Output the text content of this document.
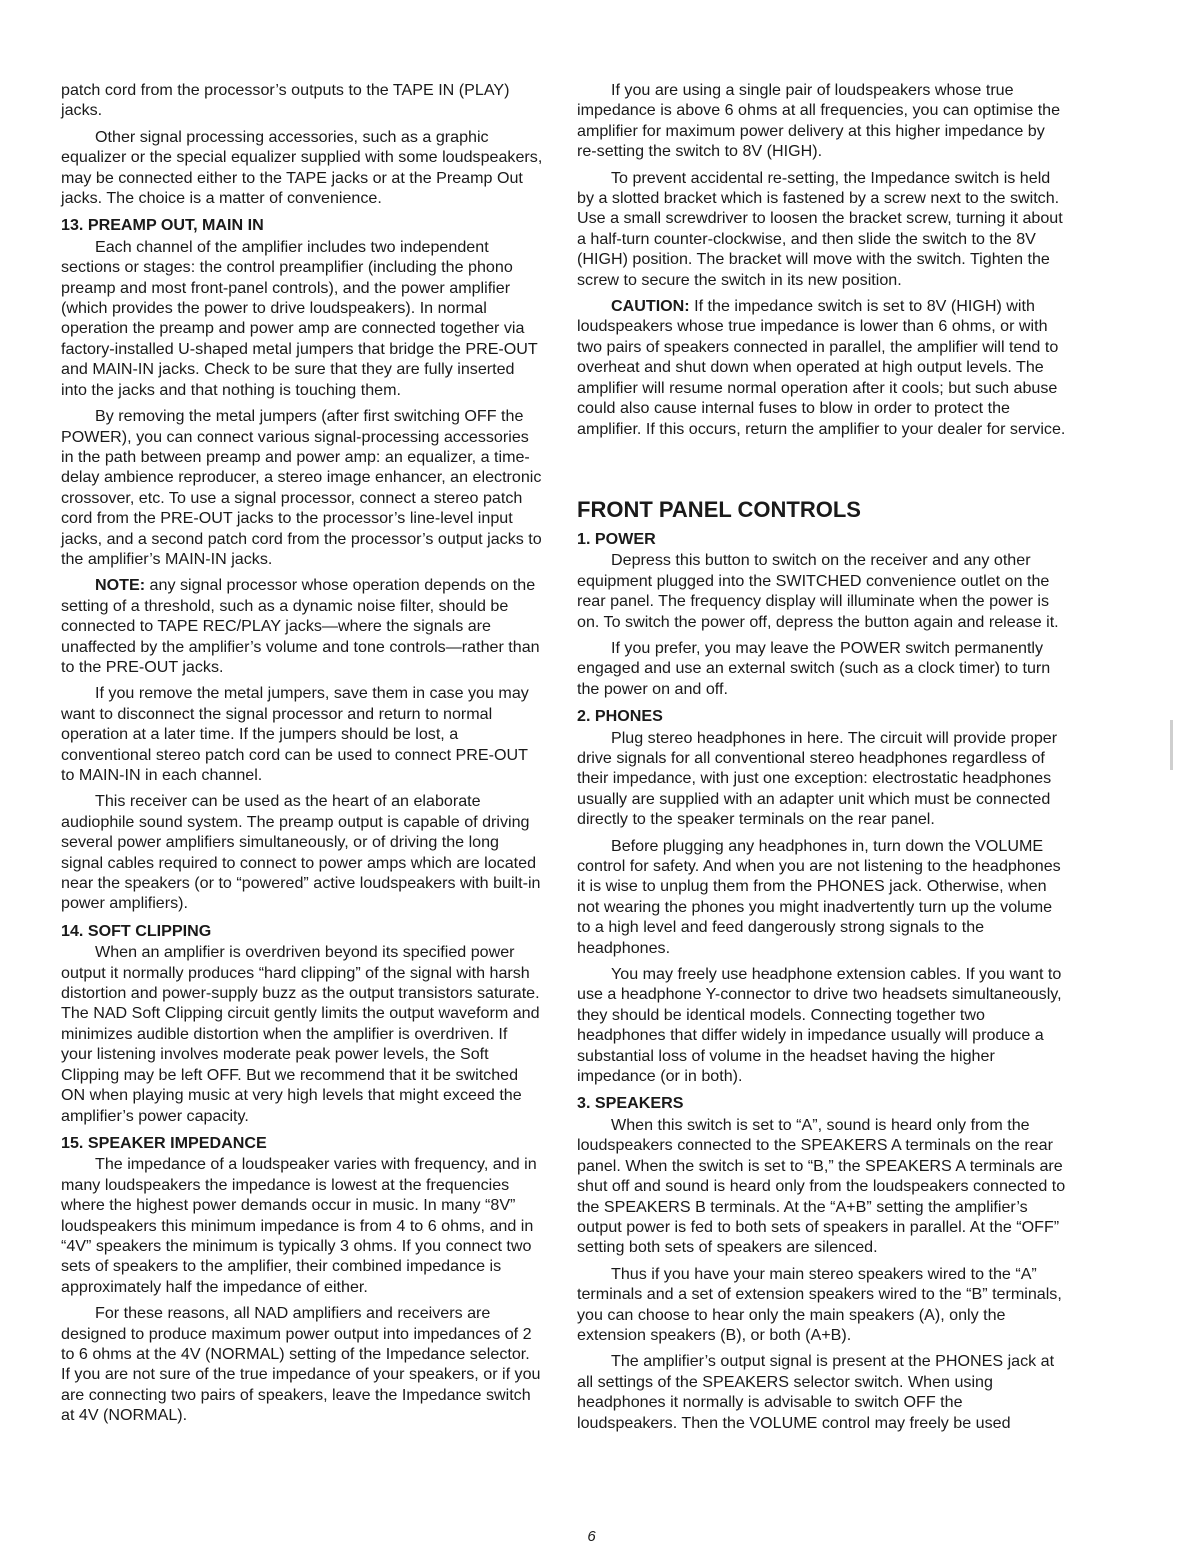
patch cord from the processor’s outputs to the TAPE IN (PLAY) jacks.

Other signal processing accessories, such as a graphic equalizer or the special equalizer supplied with some loudspeakers, may be connected either to the TAPE jacks or at the Preamp Out jacks. The choice is a matter of convenience.

13. PREAMP OUT, MAIN IN

Each channel of the amplifier includes two independent sections or stages: the control preamplifier (including the phono preamp and most front-panel controls), and the power amplifier (which provides the power to drive loudspeakers). In normal operation the preamp and power amp are connected together via factory-installed U-shaped metal jumpers that bridge the PRE-OUT and MAIN-IN jacks. Check to be sure that they are fully inserted into the jacks and that nothing is touching them.

By removing the metal jumpers (after first switching OFF the POWER), you can connect various signal-processing accessories in the path between preamp and power amp: an equalizer, a time-delay ambience reproducer, a stereo image enhancer, an electronic crossover, etc. To use a signal processor, connect a stereo patch cord from the PRE-OUT jacks to the processor’s line-level input jacks, and a second patch cord from the processor’s output jacks to the amplifier’s MAIN-IN jacks.

NOTE: any signal processor whose operation depends on the setting of a threshold, such as a dynamic noise filter, should be connected to TAPE REC/PLAY jacks—where the signals are unaffected by the amplifier’s volume and tone controls—rather than to the PRE-OUT jacks.

If you remove the metal jumpers, save them in case you may want to disconnect the signal processor and return to normal operation at a later time. If the jumpers should be lost, a conventional stereo patch cord can be used to connect PRE-OUT to MAIN-IN in each channel.

This receiver can be used as the heart of an elaborate audiophile sound system. The preamp output is capable of driving several power amplifiers simultaneously, or of driving the long signal cables required to connect to power amps which are located near the speakers (or to “powered” active loudspeakers with built-in power amplifiers).

14. SOFT CLIPPING

When an amplifier is overdriven beyond its specified power output it normally produces “hard clipping” of the signal with harsh distortion and power-supply buzz as the output transistors saturate. The NAD Soft Clipping circuit gently limits the output waveform and minimizes audible distortion when the amplifier is overdriven. If your listening involves moderate peak power levels, the Soft Clipping may be left OFF. But we recommend that it be switched ON when playing music at very high levels that might exceed the amplifier’s power capacity.

15. SPEAKER IMPEDANCE

The impedance of a loudspeaker varies with frequency, and in many loudspeakers the impedance is lowest at the frequencies where the highest power demands occur in music. In many “8V” loudspeakers this minimum impedance is from 4 to 6 ohms, and in “4V” speakers the minimum is typically 3 ohms. If you connect two sets of speakers to the amplifier, their combined impedance is approximately half the impedance of either.

For these reasons, all NAD amplifiers and receivers are designed to produce maximum power output into impedances of 2 to 6 ohms at the 4V (NORMAL) setting of the Impedance selector. If you are not sure of the true impedance of your speakers, or if you are connecting two pairs of speakers, leave the Impedance switch at 4V (NORMAL).

If you are using a single pair of loudspeakers whose true impedance is above 6 ohms at all frequencies, you can optimise the amplifier for maximum power delivery at this higher impedance by re-setting the switch to 8V (HIGH).

To prevent accidental re-setting, the Impedance switch is held by a slotted bracket which is fastened by a screw next to the switch. Use a small screwdriver to loosen the bracket screw, turning it about a half-turn counter-clockwise, and then slide the switch to the 8V (HIGH) position. The bracket will move with the switch. Tighten the screw to secure the switch in its new position.

CAUTION: If the impedance switch is set to 8V (HIGH) with loudspeakers whose true impedance is lower than 6 ohms, or with two pairs of speakers connected in parallel, the amplifier will tend to overheat and shut down when operated at high output levels. The amplifier will resume normal operation after it cools; but such abuse could also cause internal fuses to blow in order to protect the amplifier. If this occurs, return the amplifier to your dealer for service.

FRONT PANEL CONTROLS
1. POWER

Depress this button to switch on the receiver and any other equipment plugged into the SWITCHED convenience outlet on the rear panel. The frequency display will illuminate when the power is on. To switch the power off, depress the button again and release it.

If you prefer, you may leave the POWER switch permanently engaged and use an external switch (such as a clock timer) to turn the power on and off.

2. PHONES

Plug stereo headphones in here. The circuit will provide proper drive signals for all conventional stereo headphones regardless of their impedance, with just one exception: electrostatic headphones usually are supplied with an adapter unit which must be connected directly to the speaker terminals on the rear panel.

Before plugging any headphones in, turn down the VOLUME control for safety. And when you are not listening to the headphones it is wise to unplug them from the PHONES jack. Otherwise, when not wearing the phones you might inadvertently turn up the volume to a high level and feed dangerously strong signals to the headphones.

You may freely use headphone extension cables. If you want to use a headphone Y-connector to drive two headsets simultaneously, they should be identical models. Connecting together two headphones that differ widely in impedance usually will produce a substantial loss of volume in the headset having the higher impedance (or in both).

3. SPEAKERS

When this switch is set to “A”, sound is heard only from the loudspeakers connected to the SPEAKERS A terminals on the rear panel. When the switch is set to “B,” the SPEAKERS A terminals are shut off and sound is heard only from the loudspeakers connected to the SPEAKERS B terminals. At the “A+B” setting the amplifier’s output power is fed to both sets of speakers in parallel. At the “OFF” setting both sets of speakers are silenced.

Thus if you have your main stereo speakers wired to the “A” terminals and a set of extension speakers wired to the “B” terminals, you can choose to hear only the main speakers (A), only the extension speakers (B), or both (A+B).

The amplifier’s output signal is present at the PHONES jack at all settings of the SPEAKERS selector switch. When using headphones it normally is advisable to switch OFF the loudspeakers. Then the VOLUME control may freely be used

6
